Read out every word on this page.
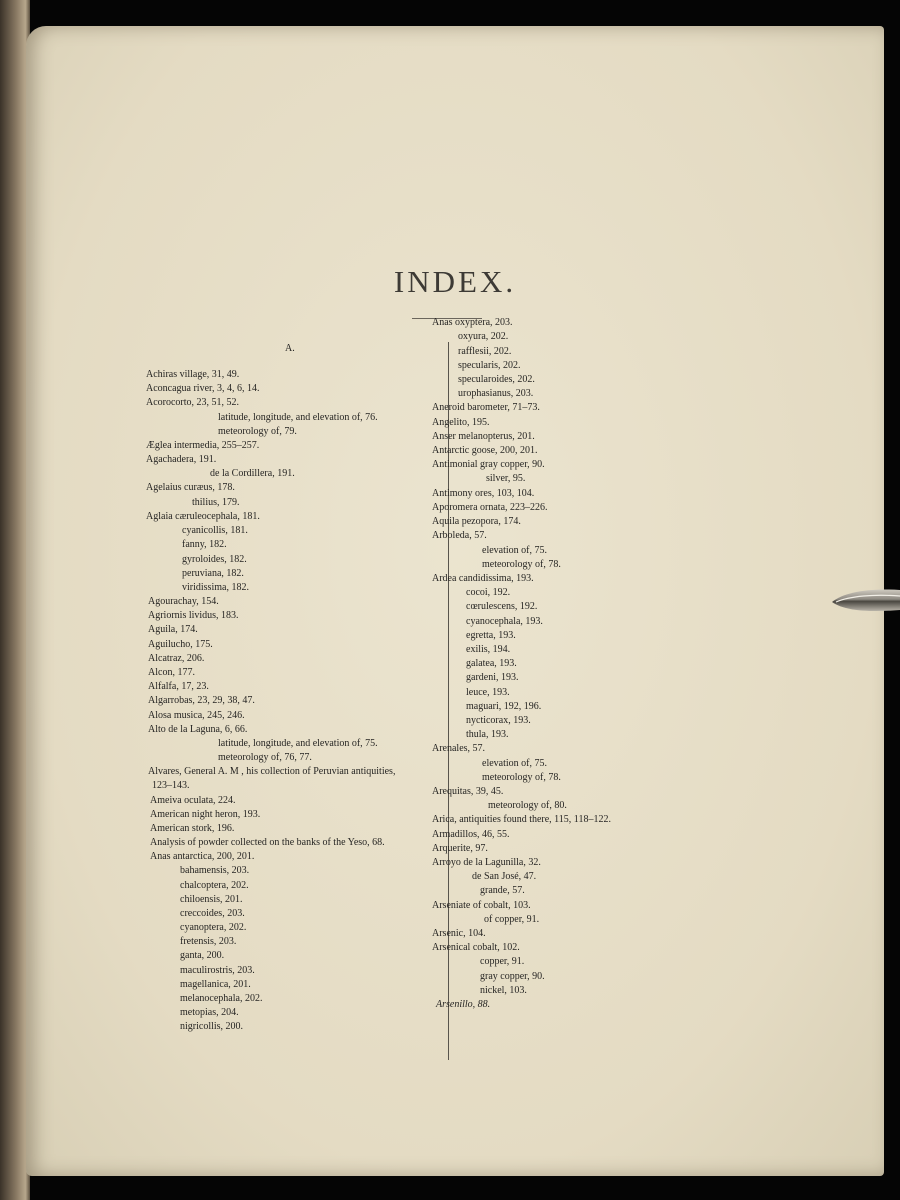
INDEX.
A.
Achiras village, 31, 49.
Aconcagua river, 3, 4, 6, 14.
Acorocorto, 23, 51, 52.
latitude, longitude, and elevation of, 76.
meteorology of, 79.
Æglea intermedia, 255–257.
Agachadera, 191.
de la Cordillera, 191.
Agelaius curæus, 178.
thilius, 179.
Aglaia cæruleocephala, 181.
cyanicollis, 181.
fanny, 182.
gyroloides, 182.
peruviana, 182.
viridissima, 182.
Agourachay, 154.
Agriornis lividus, 183.
Aguila, 174.
Aguilucho, 175.
Alcatraz, 206.
Alcon, 177.
Alfalfa, 17, 23.
Algarrobas, 23, 29, 38, 47.
Alosa musica, 245, 246.
Alto de la Laguna, 6, 66.
latitude, longitude, and elevation of, 75.
meteorology of, 76, 77.
Alvares, General A. M , his collection of Peruvian antiquities,
123–143.
Ameiva oculata, 224.
American night heron, 193.
American stork, 196.
Analysis of powder collected on the banks of the Yeso, 68.
Anas antarctica, 200, 201.
bahamensis, 203.
chalcoptera, 202.
chiloensis, 201.
creccoides, 203.
cyanoptera, 202.
fretensis, 203.
ganta, 200.
maculirostris, 203.
magellanica, 201.
melanocephala, 202.
metopias, 204.
nigricollis, 200.
Anas oxyptera, 203.
oxyura, 202.
rafflesii, 202.
specularis, 202.
specularoides, 202.
urophasianus, 203.
Aneroid barometer, 71–73.
Angelito, 195.
Anser melanopterus, 201.
Antarctic goose, 200, 201.
Antimonial gray copper, 90.
silver, 95.
Antimony ores, 103, 104.
Aporomera ornata, 223–226.
Aquila pezopora, 174.
Arboleda, 57.
elevation of, 75.
meteorology of, 78.
Ardea candidissima, 193.
cocoi, 192.
cœrulescens, 192.
cyanocephala, 193.
egretta, 193.
exilis, 194.
galatea, 193.
gardeni, 193.
leuce, 193.
maguari, 192, 196.
nycticorax, 193.
thula, 193.
Arenales, 57.
elevation of, 75.
meteorology of, 78.
Arequitas, 39, 45.
meteorology of, 80.
Arica, antiquities found there, 115, 118–122.
Armadillos, 46, 55.
Arquerite, 97.
Arroyo de la Lagunilla, 32.
de San José, 47.
grande, 57.
Arseniate of cobalt, 103.
of copper, 91.
Arsenic, 104.
Arsenical cobalt, 102.
copper, 91.
gray copper, 90.
nickel, 103.
Arsenillo, 88.
